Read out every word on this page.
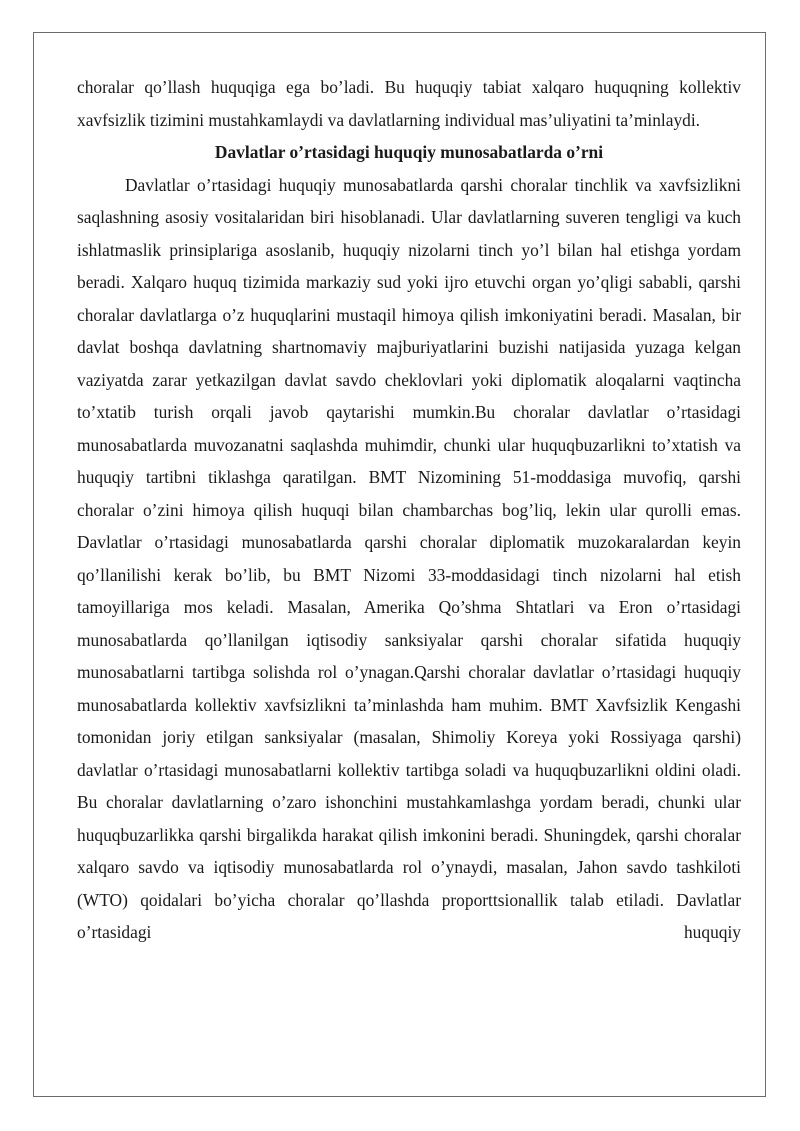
choralar qo’llash huquqiga ega bo’ladi. Bu huquqiy tabiat xalqaro huquqning kollektiv xavfsizlik tizimini mustahkamlaydi va davlatlarning individual mas’uliyatini ta’minlaydi.

Davlatlar o’rtasidagi huquqiy munosabatlarda o’rni

Davlatlar o’rtasidagi huquqiy munosabatlarda qarshi choralar tinchlik va xavfsizlikni saqlashning asosiy vositalaridan biri hisoblanadi. Ular davlatlarning suveren tengligi va kuch ishlatmaslik prinsiplariga asoslanib, huquqiy nizolarni tinch yo’l bilan hal etishga yordam beradi. Xalqaro huquq tizimida markaziy sud yoki ijro etuvchi organ yo’qligi sababli, qarshi choralar davlatlarga o’z huquqlarini mustaqil himoya qilish imkoniyatini beradi. Masalan, bir davlat boshqa davlatning shartnomaviy majburiyatlarini buzishi natijasida yuzaga kelgan vaziyatda zarar yetkazilgan davlat savdo cheklovlari yoki diplomatik aloqalarni vaqtincha to’xtatib turish orqali javob qaytarishi mumkin.Bu choralar davlatlar o’rtasidagi munosabatlarda muvozanatni saqlashda muhimdir, chunki ular huquqbuzarlikni to’xtatish va huquqiy tartibni tiklashga qaratilgan. BMT Nizomining 51-moddasiga muvofiq, qarshi choralar o’zini himoya qilish huquqi bilan chambarchas bog’liq, lekin ular qurolli emas. Davlatlar o’rtasidagi munosabatlarda qarshi choralar diplomatik muzokaralardan keyin qo’llanilishi kerak bo’lib, bu BMT Nizomi 33-moddasidagi tinch nizolarni hal etish tamoyillariga mos keladi. Masalan, Amerika Qo’shma Shtatlari va Eron o’rtasidagi munosabatlarda qo’llanilgan iqtisodiy sanksiyalar qarshi choralar sifatida huquqiy munosabatlarni tartibga solishda rol o’ynagan.Qarshi choralar davlatlar o’rtasidagi huquqiy munosabatlarda kollektiv xavfsizlikni ta’minlashda ham muhim. BMT Xavfsizlik Kengashi tomonidan joriy etilgan sanksiyalar (masalan, Shimoliy Koreya yoki Rossiyaga qarshi) davlatlar o’rtasidagi munosabatlarni kollektiv tartibga soladi va huquqbuzarlikni oldini oladi. Bu choralar davlatlarning o’zaro ishonchini mustahkamlashga yordam beradi, chunki ular huquqbuzarlikka qarshi birgalikda harakat qilish imkonini beradi. Shuningdek, qarshi choralar xalqaro savdo va iqtisodiy munosabatlarda rol o’ynaydi, masalan, Jahon savdo tashkiloti (WTO) qoidalari bo’yicha choralar qo’llashda proporttsionallik talab etiladi. Davlatlar o’rtasidagi huquqiy
